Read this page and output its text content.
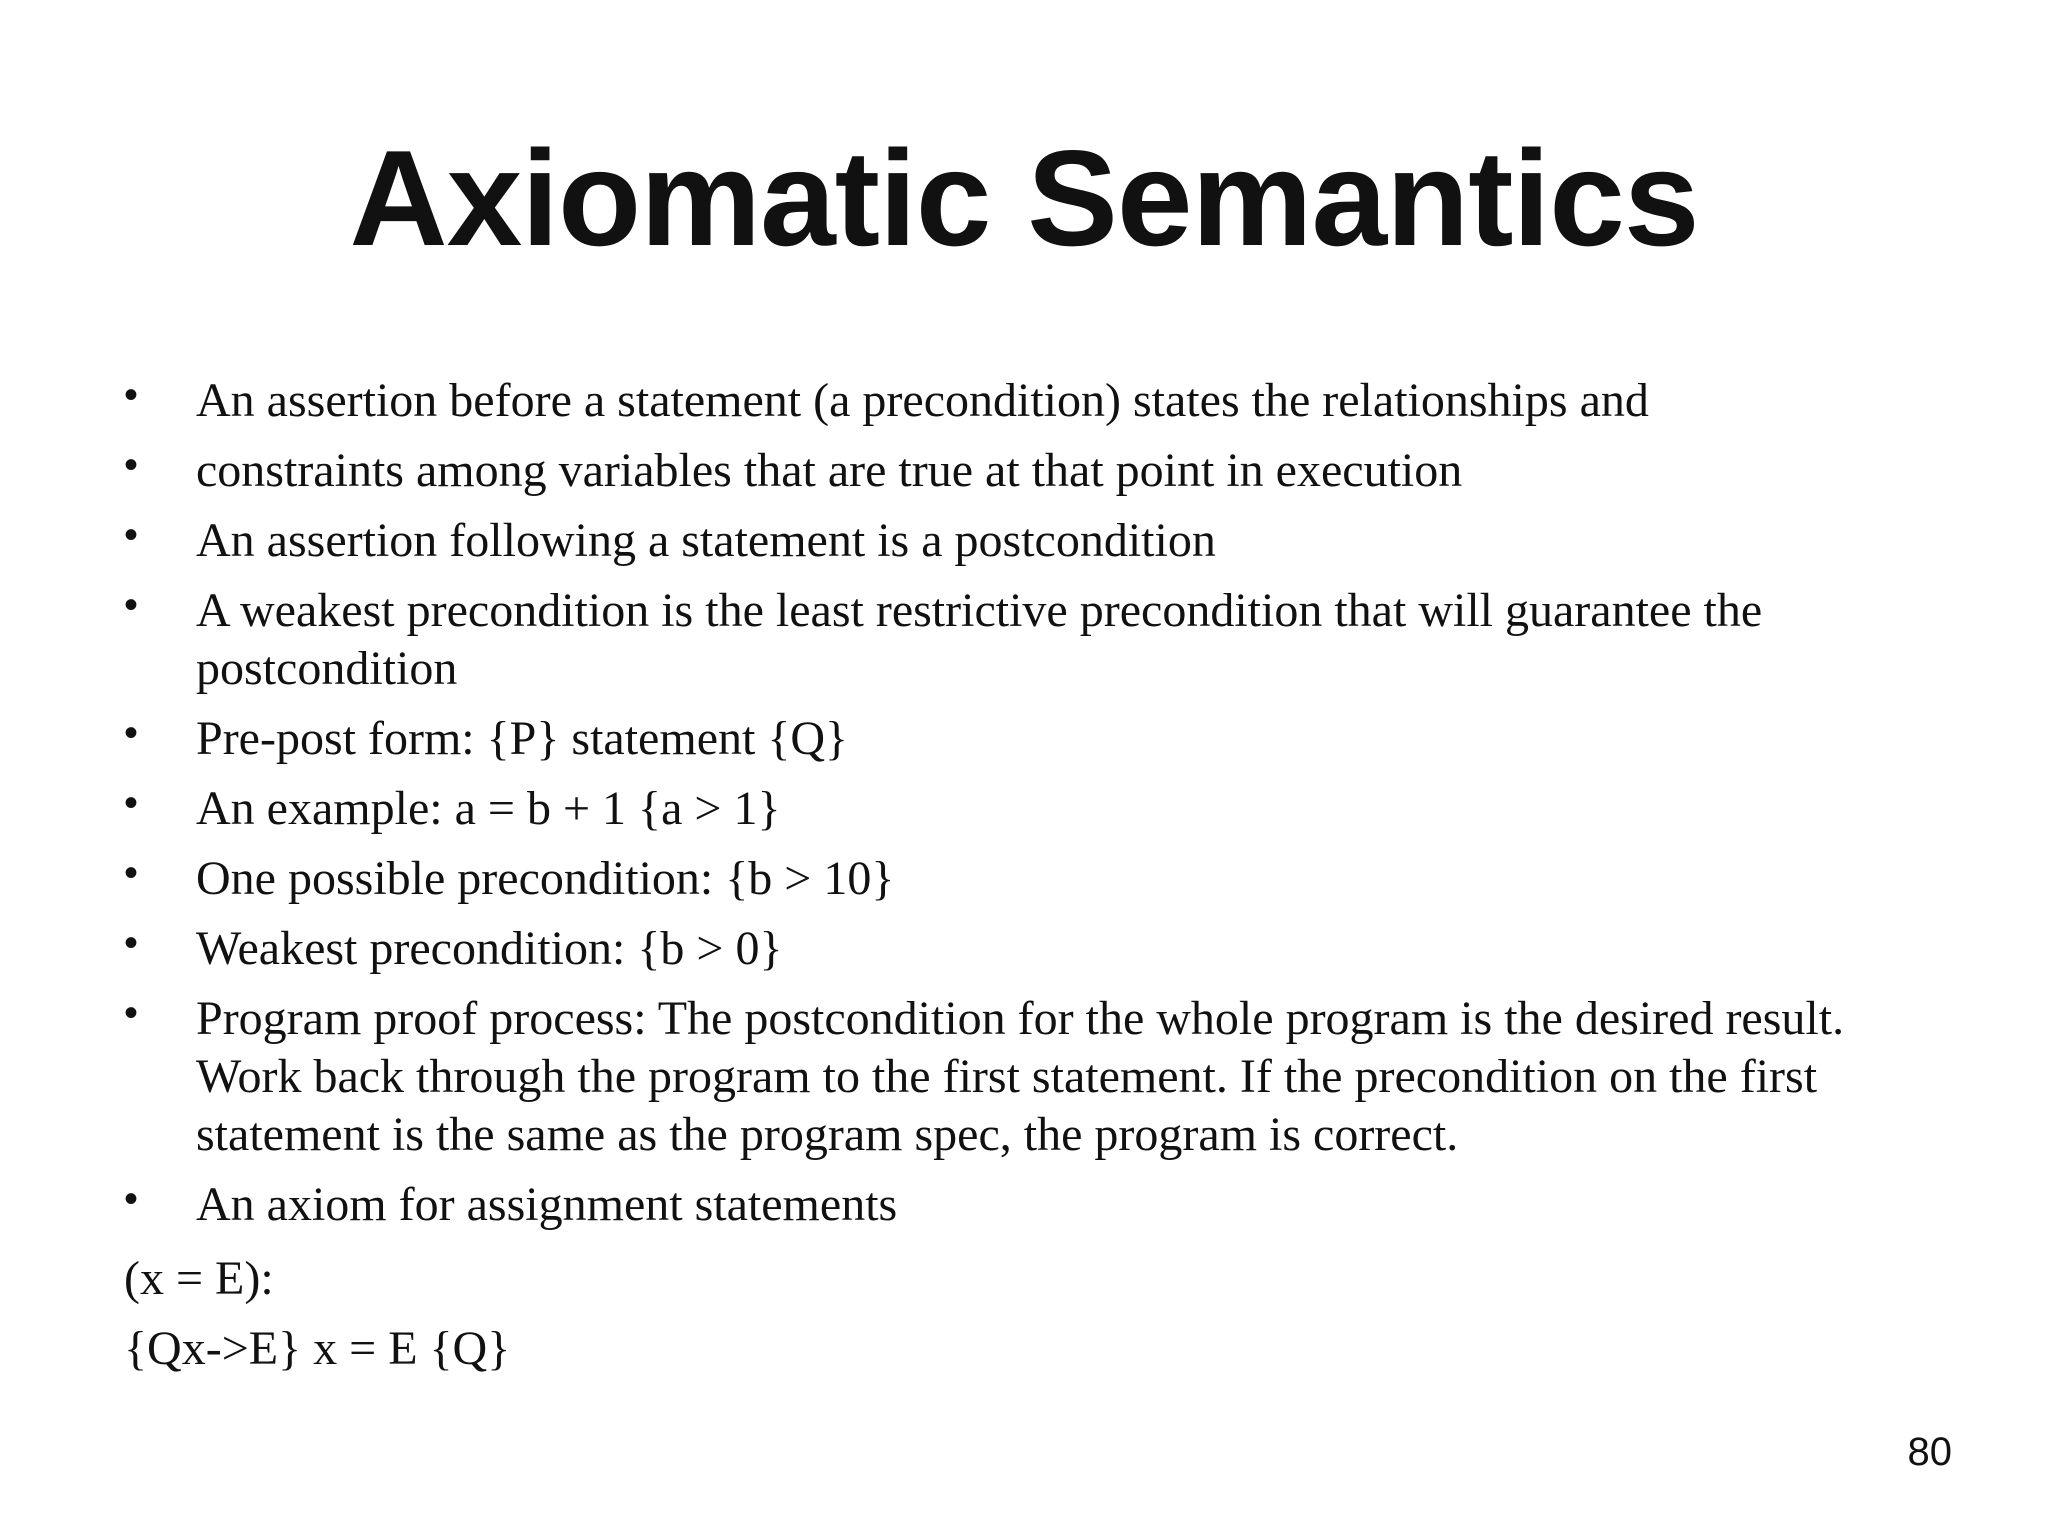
Axiomatic Semantics
• An assertion before a statement (a precondition) states the relationships and
• constraints among variables that are true at that point in execution
• An assertion following a statement is a postcondition
• A weakest precondition is the least restrictive precondition that will guarantee the postcondition
• Pre-post form: {P} statement {Q}
• An example: a = b + 1 {a > 1}
• One possible precondition: {b > 10}
• Weakest precondition: {b > 0}
• Program proof process: The postcondition for the whole program is the desired result. Work back through the program to the first statement. If the precondition on the first statement is the same as the program spec, the program is correct.
• An axiom for assignment statements
(x = E):
{Qx->E} x = E {Q}
80
